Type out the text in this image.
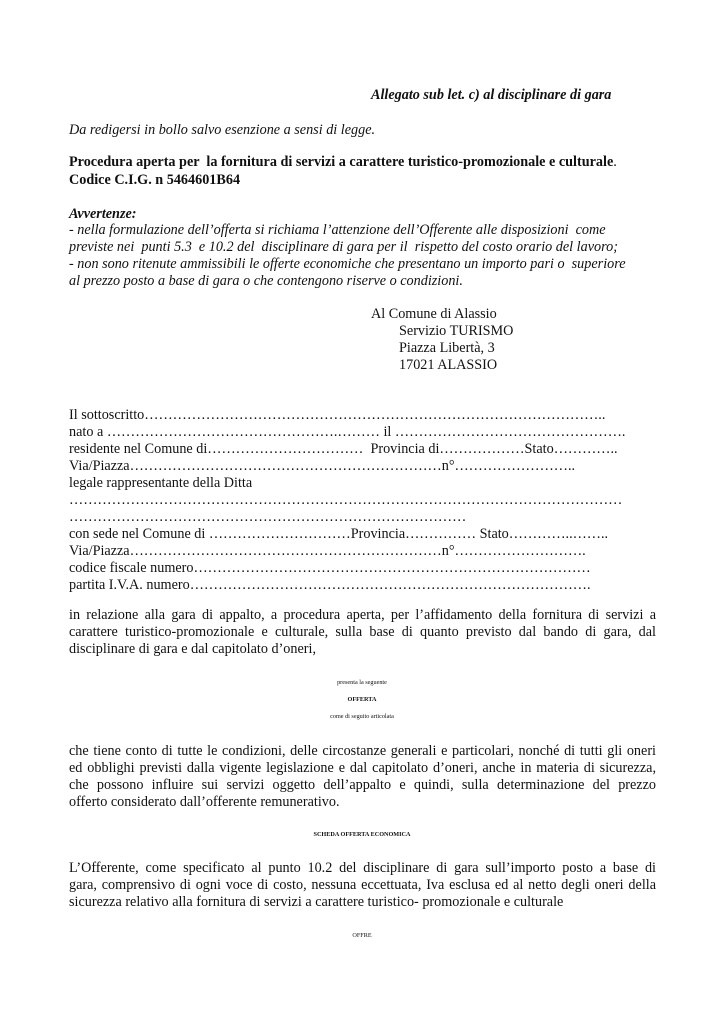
Allegato sub let. c) al disciplinare di gara
Da redigersi in bollo salvo esenzione a sensi di legge.
Procedura aperta per  la fornitura di servizi a carattere turistico-promozionale e culturale.
Codice C.I.G. n 5464601B64
Avvertenze:
- nella formulazione dell’offerta si richiama l’attenzione dell’Offerente alle disposizioni  come
previste nei  punti 5.3  e 10.2 del  disciplinare di gara per il  rispetto del costo orario del lavoro;
- non sono ritenute ammissibili le offerte economiche che presentano un importo pari o  superiore
al prezzo posto a base di gara o che contengono riserve o condizioni.
Al Comune di Alassio
Servizio TURISMO
Piazza Libertà, 3
17021 ALASSIO
Il sottoscritto……………………………………………………………………………………..
nato a ………………………………………….……… il ………………………………………….
residente nel Comune di……………………………  Provincia di………………Stato…………..
Via/Piazza…………………………………………………………n°……………………..
legale rappresentante della Ditta
………………………………………………………………………………………………………
…………………………………………………………………………
con sede nel Comune di …………………………Provincia…………… Stato…………..……..
Via/Piazza…………………………………………………………n°……………………….
codice fiscale numero…………………………………………………………………………
partita I.V.A. numero………………………………………………………………………….
in relazione alla gara di appalto, a procedura aperta, per l’affidamento della fornitura di servizi a
carattere turistico-promozionale e culturale, sulla base di quanto previsto dal bando di gara, dal
disciplinare di gara e dal capitolato d’oneri,
presenta la seguente
OFFERTA
come di seguito articolata
che tiene conto di tutte le condizioni, delle circostanze generali e particolari, nonché di tutti gli oneri
ed obblighi previsti dalla vigente legislazione e dal capitolato d’oneri, anche in materia di sicurezza,
che possono influire sui servizi oggetto dell’appalto e quindi, sulla determinazione del prezzo
offerto considerato dall’offerente remunerativo.
SCHEDA OFFERTA ECONOMICA
L’Offerente, come specificato al punto 10.2 del disciplinare di gara sull’importo posto a base di
gara, comprensivo di ogni voce di costo, nessuna eccettuata, Iva esclusa ed al netto degli oneri della
sicurezza relativo alla fornitura di servizi a carattere turistico- promozionale e culturale
OFFRE
